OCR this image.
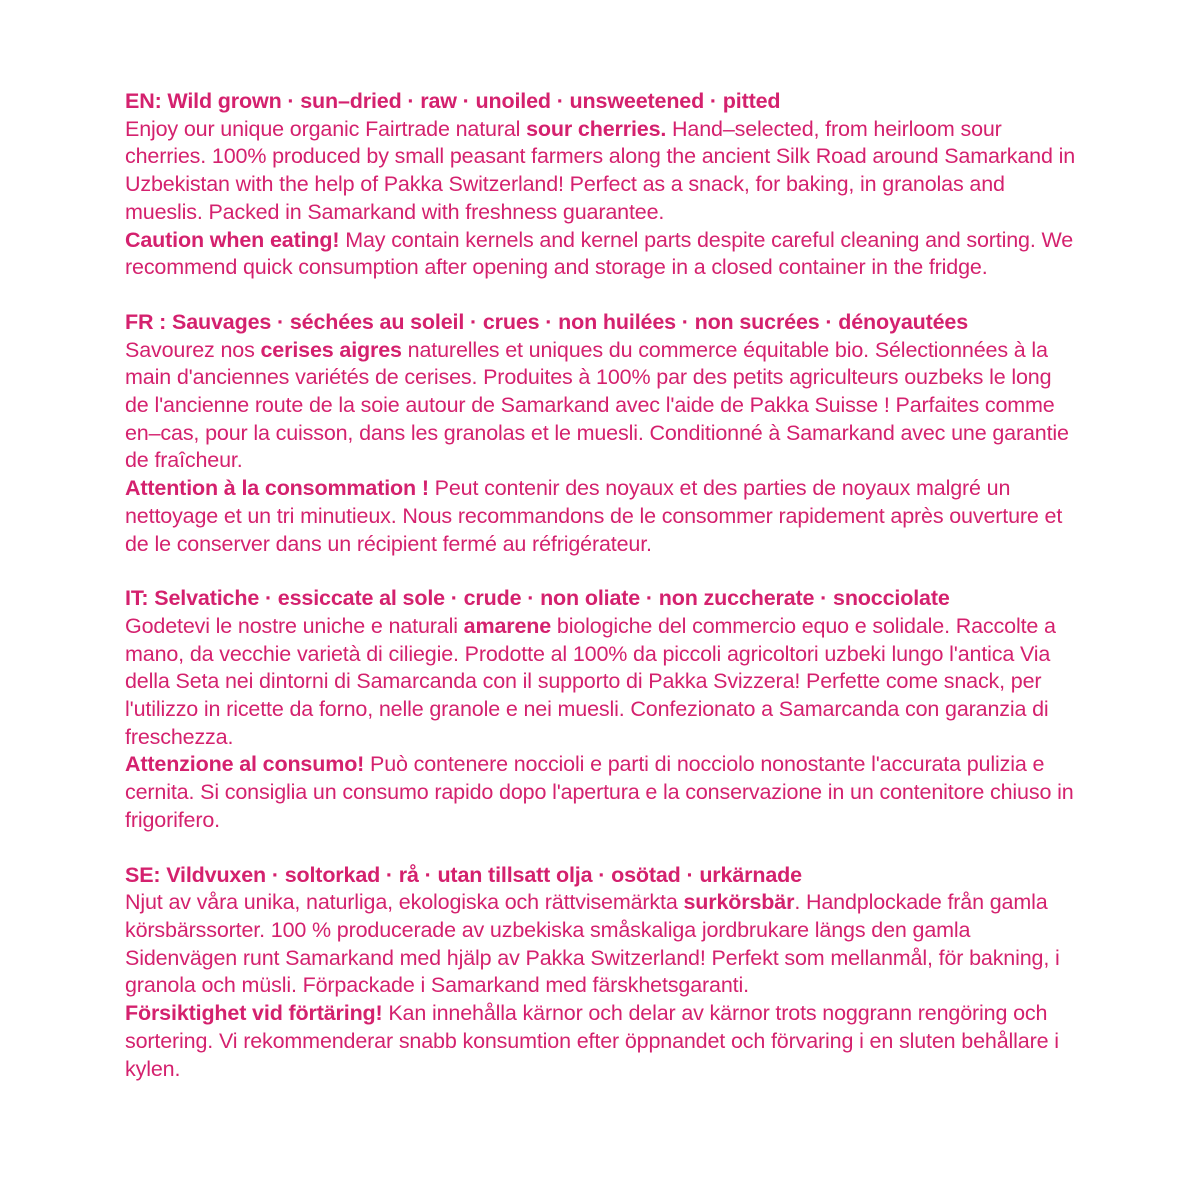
EN: Wild grown · sun–dried · raw · unoiled · unsweetened · pitted

Enjoy our unique organic Fairtrade natural sour cherries. Hand–selected, from heirloom sour cherries. 100% produced by small peasant farmers along the ancient Silk Road around Samarkand in Uzbekistan with the help of Pakka Switzerland! Perfect as a snack, for baking, in granolas and mueslis. Packed in Samarkand with freshness guarantee.

Caution when eating! May contain kernels and kernel parts despite careful cleaning and sorting. We recommend quick consumption after opening and storage in a closed container in the fridge.

FR : Sauvages · séchées au soleil · crues · non huilées · non sucrées · dénoyautées

Savourez nos cerises aigres naturelles et uniques du commerce équitable bio. Sélectionnées à la main d'anciennes variétés de cerises. Produites à 100% par des petits agriculteurs ouzbeks le long de l'ancienne route de la soie autour de Samarkand avec l'aide de Pakka Suisse ! Parfaites comme en–cas, pour la cuisson, dans les granolas et le muesli. Conditionné à Samarkand avec une garantie de fraîcheur.

Attention à la consommation ! Peut contenir des noyaux et des parties de noyaux malgré un nettoyage et un tri minutieux. Nous recommandons de le consommer rapidement après ouverture et de le conserver dans un récipient fermé au réfrigérateur.

IT: Selvatiche · essiccate al sole · crude · non oliate · non zuccherate · snocciolate

Godetevi le nostre uniche e naturali amarene biologiche del commercio equo e solidale. Raccolte a mano, da vecchie varietà di ciliegie. Prodotte al 100% da piccoli agricoltori uzbeki lungo l'antica Via della Seta nei dintorni di Samarcanda con il supporto di Pakka Svizzera! Perfette come snack, per l'utilizzo in ricette da forno, nelle granole e nei muesli. Confezionato a Samarcanda con garanzia di freschezza.

Attenzione al consumo! Può contenere noccioli e parti di nocciolo nonostante l'accurata pulizia e cernita. Si consiglia un consumo rapido dopo l'apertura e la conservazione in un contenitore chiuso in frigorifero.

SE: Vildvuxen · soltorkad · rå · utan tillsatt olja · osötad · urkärnade

Njut av våra unika, naturliga, ekologiska och rättvisemärkta surkörsbär. Handplockade från gamla körsbärssorter. 100 % producerade av uzbekiska småskaliga jordbrukare längs den gamla Sidenvägen runt Samarkand med hjälp av Pakka Switzerland! Perfekt som mellanmål, för bakning, i granola och müsli. Förpackade i Samarkand med färskhetsgaranti.

Försiktighet vid förtäring! Kan innehålla kärnor och delar av kärnor trots noggrann rengöring och sortering. Vi rekommenderar snabb konsumtion efter öppnandet och förvaring i en sluten behållare i kylen.
